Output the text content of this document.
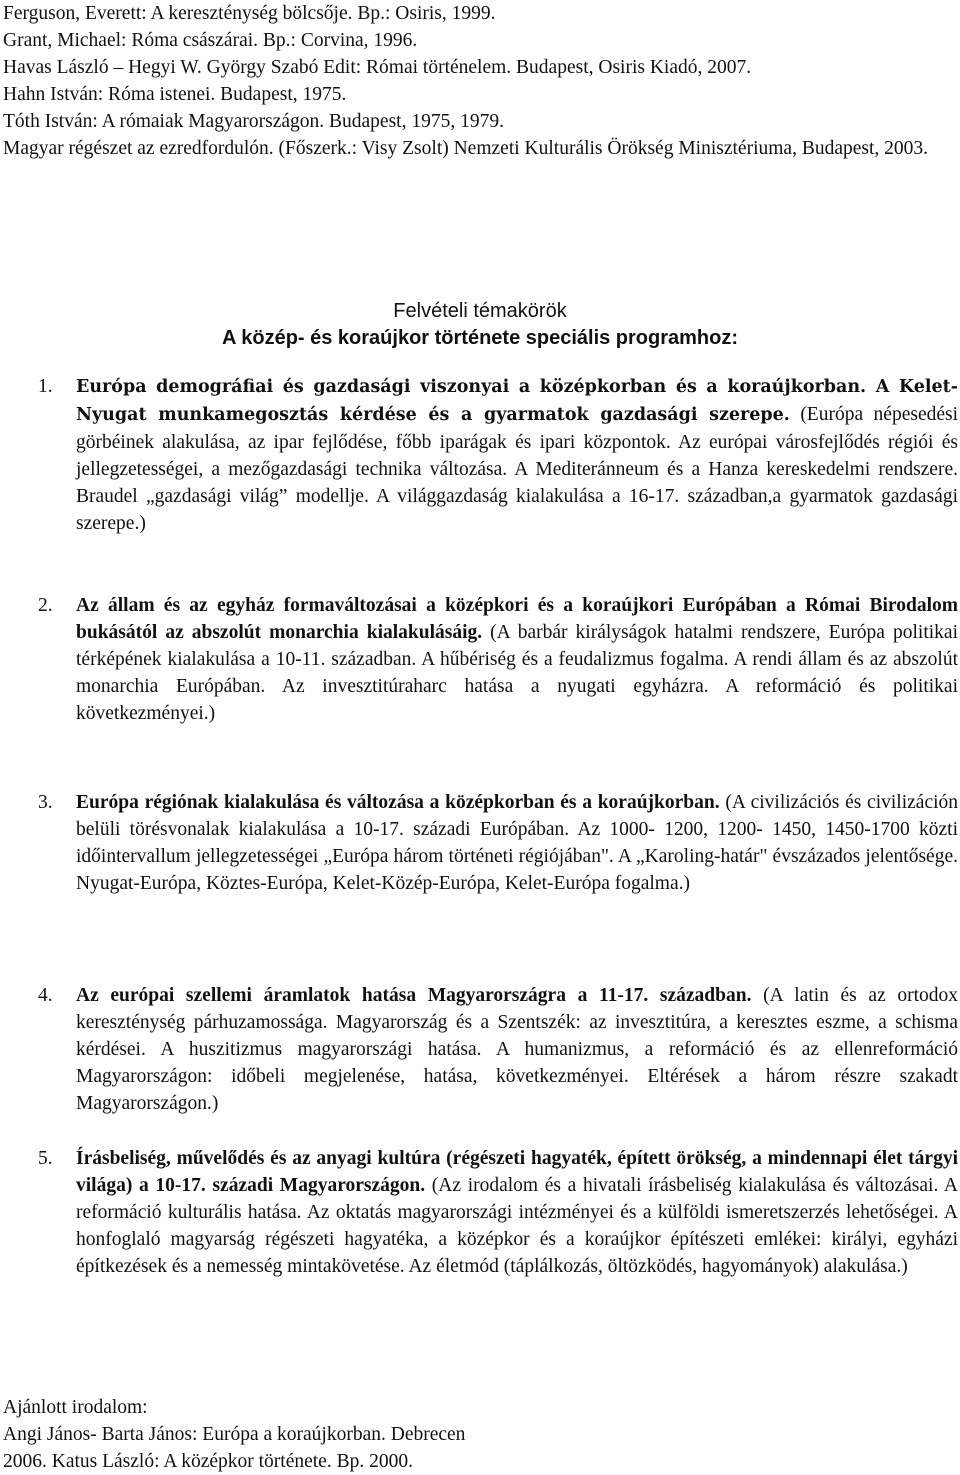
Ferguson, Everett: A kereszténység bölcsője. Bp.: Osiris, 1999.

Grant, Michael: Róma császárai. Bp.: Corvina, 1996.

Havas László – Hegyi W. György Szabó Edit: Római történelem. Budapest, Osiris Kiadó, 2007.

Hahn István: Róma istenei. Budapest, 1975.

Tóth István: A rómaiak Magyarországon. Budapest, 1975, 1979.

Magyar régészet az ezredfordulón. (Főszerk.: Visy Zsolt) Nemzeti Kulturális Örökség Minisztériuma, Budapest, 2003.

Felvételi témakörök
A közép- és koraújkor története speciális programhoz:
1.	Európa demográfiai és gazdasági viszonyai a középkorban és a koraújkorban. A Kelet- Nyugat munkamegosztás kérdése és a gyarmatok gazdasági szerepe. (Európa népesedési görbéinek alakulása, az ipar fejlődése, főbb iparágak és ipari központok. Az európai városfejlődés régiói és jellegzetességei, a mezőgazdasági technika változása. A Mediteránneum és a Hanza kereskedelmi rendszere. Braudel „gazdasági világ” modellje. A világgazdaság kialakulása a 16-17. században,a gyarmatok gazdasági szerepe.)
2.	Az állam és az egyház formaváltozásai a középkori és a koraújkori Európában a Római Birodalom bukásától az abszolút monarchia kialakulásáig. (A barbár királyságok hatalmi rendszere, Európa politikai térképének kialakulása a 10-11. században. A hűbériség és a feudalizmus fogalma. A rendi állam és az abszolút monarchia Európában. Az invesztitúraharc hatása a nyugati egyházra. A reformáció és politikai következményei.)
3.	Európa régiónak kialakulása és változása a középkorban és a koraújkorban. (A civilizációs és civilizáción belüli törésvonalak kialakulása a 10-17. századi Európában. Az 1000- 1200, 1200- 1450, 1450-1700 közti időintervallum jellegzetességei „Európa három történeti régiójában". A „Karoling-határ" évszázados jelentősége. Nyugat-Európa, Köztes-Európa, Kelet-Közép-Európa, Kelet-Európa fogalma.)
4.	Az európai szellemi áramlatok hatása Magyarországra a 11-17. században. (A latin és az ortodox kereszténység párhuzamossága. Magyarország és a Szentszék: az invesztitúra, a keresztes eszme, a schisma kérdései. A huszitizmus magyarországi hatása. A humanizmus, a reformáció és az ellenreformáció Magyarországon: időbeli megjelenése, hatása, következményei. Eltérések a három részre szakadt Magyarországon.)
5.	Írásbeliség, művelődés és az anyagi kultúra (régészeti hagyaték, épített örökség, a mindennapi élet tárgyi világa) a 10-17. századi Magyarországon. (Az irodalom és a hivatali írásbeliség kialakulása és változásai. A reformáció kulturális hatása. Az oktatás magyarországi intézményei és a külföldi ismeretszerzés lehetőségei. A honfoglaló magyarság régészeti hagyatéka, a középkor és a koraújkor építészeti emlékei: királyi, egyházi építkezések és a nemesség mintakövetése. Az életmód (táplálkozás, öltözködés, hagyományok) alakulása.)

Ajánlott irodalom:

Angi János- Barta János: Európa a koraújkorban. Debrecen

2006. Katus László: A középkor története. Bp. 2000.
